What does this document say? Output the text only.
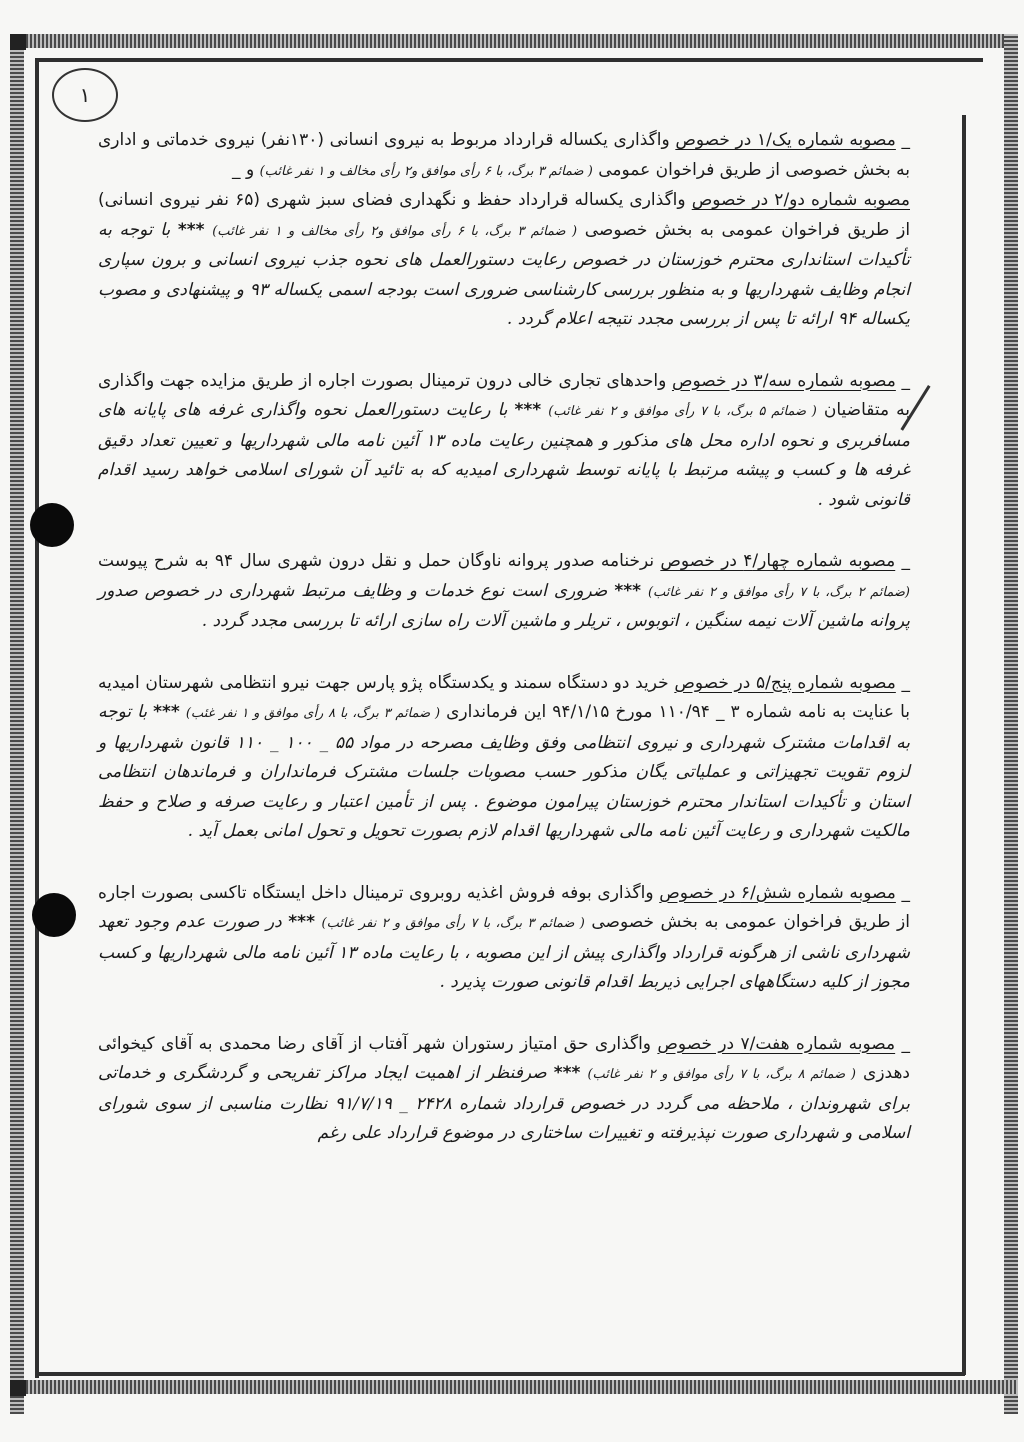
۱

_ مصوبه شماره یک/۱ در خصوص واگذاری یکساله قرارداد مربوط به نیروی انسانی (۱۳۰نفر) نیروی خدماتی و اداری به بخش خصوصی از طریق فراخوان عمومی ( ضمائم ۳ برگ، با ۶ رأی موافق و۲ رأی مخالف و ۱ نفر غائب) و _

مصوبه شماره دو/۲ در خصوص واگذاری یکساله قرارداد حفظ و نگهداری فضای سبز شهری (۶۵ نفر نیروی انسانی) از طریق فراخوان عمومی به بخش خصوصی ( ضمائم ۳ برگ، با ۶ رأی موافق و۲ رأی مخالف و ۱ نفر غائب) *** با توجه به تأکیدات استانداری محترم خوزستان در خصوص رعایت دستورالعمل های نحوه جذب نیروی انسانی و برون سپاری انجام وظایف شهرداریها و به منظور بررسی کارشناسی ضروری است بودجه اسمی یکساله ۹۳ و پیشنهادی و مصوب یکساله ۹۴ ارائه تا پس از بررسی مجدد نتیجه اعلام گردد .

_ مصوبه شماره سه/۳ در خصوص واحدهای تجاری خالی درون ترمینال بصورت اجاره از طریق مزایده جهت واگذاری به متقاضیان ( ضمائم ۵ برگ، با ۷ رأی موافق و ۲ نفر غائب) *** با رعایت دستورالعمل نحوه واگذاری غرفه های پایانه های مسافربری و نحوه اداره محل های مذکور و همچنین رعایت ماده ۱۳ آئین نامه مالی شهرداریها و تعیین تعداد دقیق غرفه ها و کسب و پیشه مرتبط با پایانه توسط شهرداری امیدیه که به تائید آن شورای اسلامی خواهد رسید اقدام قانونی شود .

_ مصوبه شماره چهار/۴ در خصوص نرخنامه صدور پروانه ناوگان حمل و نقل درون شهری سال ۹۴ به شرح پیوست (ضمائم ۲ برگ، با ۷ رأی موافق و ۲ نفر غائب) *** ضروری است نوع خدمات و وظایف مرتبط شهرداری در خصوص صدور پروانه ماشین آلات نیمه سنگین ، اتوبوس ، تریلر و ماشین آلات راه سازی ارائه تا بررسی مجدد گردد .

_ مصوبه شماره پنج/۵ در خصوص خرید دو دستگاه سمند و یکدستگاه پژو پارس جهت نیرو انتظامی شهرستان امیدیه با عنایت به نامه شماره ۳ _ ۱۱۰/۹۴ مورخ ۹۴/۱/۱۵ این فرمانداری ( ضمائم ۳ برگ، با ۸ رأی موافق و ۱ نفر غئب) *** با توجه به اقدامات مشترک شهرداری و نیروی انتظامی وفق وظایف مصرحه در مواد ۵۵ _ ۱۰۰ _ ۱۱۰ قانون شهرداریها و لزوم تقویت تجهیزاتی و عملیاتی یگان مذکور حسب مصوبات جلسات مشترک فرمانداران و فرماندهان انتظامی استان و تأکیدات استاندار محترم خوزستان پیرامون موضوع . پس از تأمین اعتبار و رعایت صرفه و صلاح و حفظ مالکیت شهرداری و رعایت آئین نامه مالی شهرداریها اقدام لازم بصورت تحویل و تحول امانی بعمل آید .

_ مصوبه شماره شش/۶ در خصوص واگذاری بوفه فروش اغذیه روبروی ترمینال داخل ایستگاه تاکسی بصورت اجاره از طریق فراخوان عمومی به بخش خصوصی ( ضمائم ۳ برگ، با ۷ رأی موافق و ۲ نفر غائب) *** در صورت عدم وجود تعهد شهرداری ناشی از هرگونه قرارداد واگذاری پیش از این مصوبه ، با رعایت ماده ۱۳ آئین نامه مالی شهرداریها و کسب مجوز از کلیه دستگاههای اجرایی ذیربط اقدام قانونی صورت پذیرد .

_ مصوبه شماره هفت/۷ در خصوص واگذاری حق امتیاز رستوران شهر آفتاب از آقای رضا محمدی به آقای کیخوائی دهدزی ( ضمائم ۸ برگ، با ۷ رأی موافق و ۲ نفر غائب) *** صرفنظر از اهمیت ایجاد مراکز تفریحی و گردشگری و خدماتی برای شهروندان ، ملاحظه می گردد در خصوص قرارداد شماره ۲۴۲۸ _ ۹۱/۷/۱۹ نظارت مناسبی از سوی شورای اسلامی و شهرداری صورت نپذیرفته و تغییرات ساختاری در موضوع قرارداد علی رغم
